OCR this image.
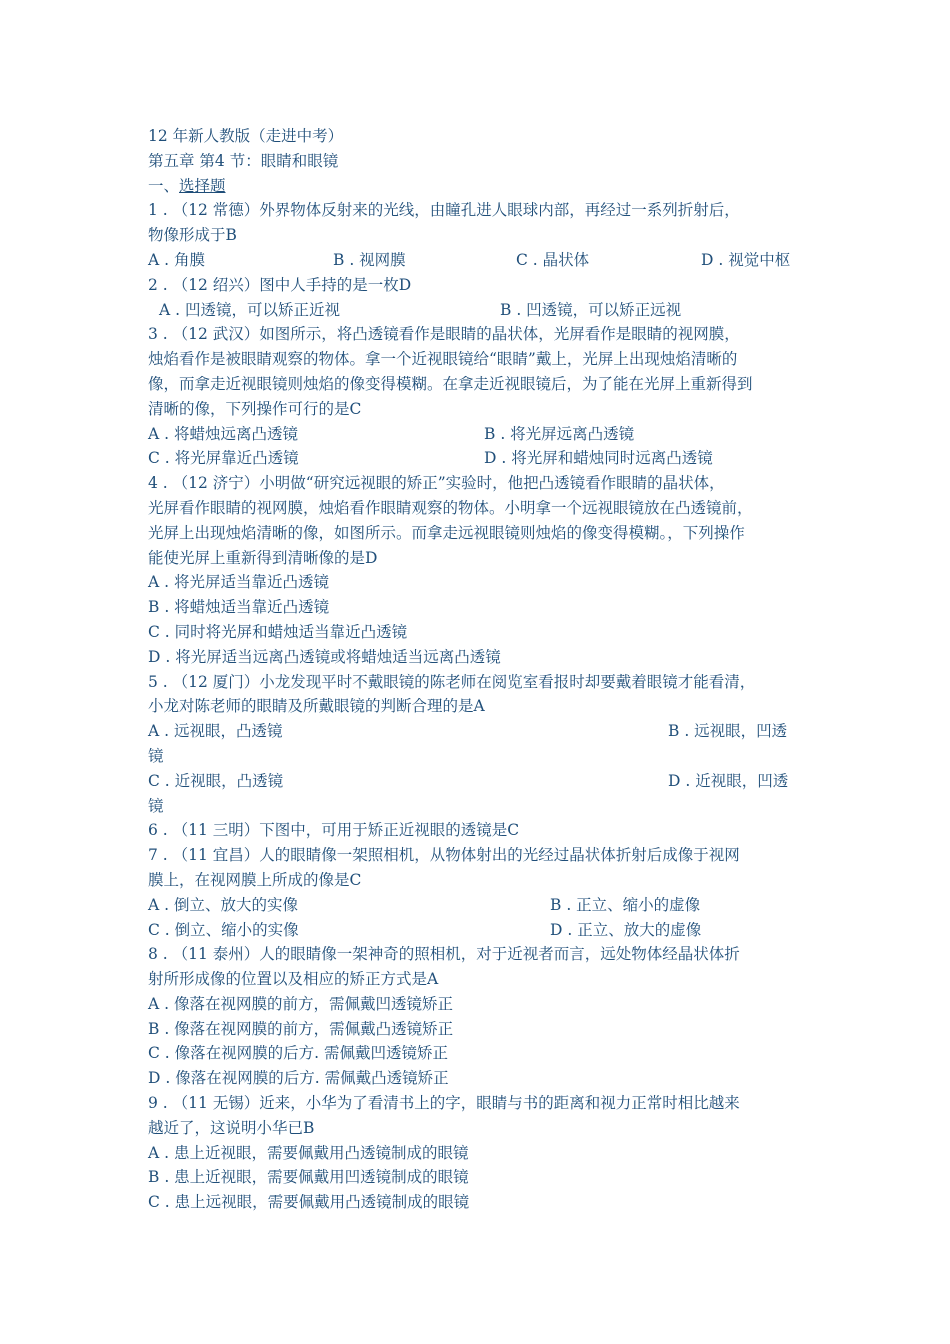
12 年新人教版（走进中考）
第五章 第4 节：眼睛和眼镜
一、选择题
1 . （12 常德）外界物体反射来的光线，由瞳孔进人眼球内部，再经过一系列折射后，
物像形成于B
A . 角膜	B . 视网膜	C . 晶状体	D . 视觉中枢
2 . （12 绍兴）图中人手持的是一枚D
A . 凹透镜，可以矫正近视	B . 凹透镜，可以矫正远视
3 . （12 武汉）如图所示，将凸透镜看作是眼睛的晶状体，光屏看作是眼睛的视网膜，
烛焰看作是被眼睛观察的物体。拿一个近视眼镜给“眼睛”戴上，光屏上出现烛焰清晰的
像，而拿走近视眼镜则烛焰的像变得模糊。在拿走近视眼镜后，为了能在光屏上重新得到
清晰的像，下列操作可行的是C
A . 将蜡烛远离凸透镜	B . 将光屏远离凸透镜
C . 将光屏靠近凸透镜	D . 将光屏和蜡烛同时远离凸透镜
4 . （12 济宁）小明做“研究远视眼的矫正”实验时，他把凸透镜看作眼睛的晶状体，
光屏看作眼睛的视网膜，烛焰看作眼睛观察的物体。小明拿一个远视眼镜放在凸透镜前，
光屏上出现烛焰清晰的像，如图所示。而拿走远视眼镜则烛焰的像变得模糊。，下列操作
能使光屏上重新得到清晰像的是D
A . 将光屏适当靠近凸透镜
B . 将蜡烛适当靠近凸透镜
C . 同时将光屏和蜡烛适当靠近凸透镜
D . 将光屏适当远离凸透镜或将蜡烛适当远离凸透镜
5 . （12 厦门）小龙发现平时不戴眼镜的陈老师在阅览室看报时却要戴着眼镜才能看清，
小龙对陈老师的眼睛及所戴眼镜的判断合理的是A
A . 远视眼，凸透镜	B . 远视眼，凹透
镜
C . 近视眼，凸透镜	D . 近视眼，凹透
镜
6 . （11 三明）下图中，可用于矫正近视眼的透镜是C
7 . （11 宜昌）人的眼睛像一架照相机，从物体射出的光经过晶状体折射后成像于视网
膜上，在视网膜上所成的像是C
A . 倒立、放大的实像	B . 正立、缩小的虚像
C . 倒立、缩小的实像	D . 正立、放大的虚像
8 . （11 泰州）人的眼睛像一架神奇的照相机，对于近视者而言，远处物体经晶状体折
射所形成像的位置以及相应的矫正方式是A
A . 像落在视网膜的前方，需佩戴凹透镜矫正
B . 像落在视网膜的前方，需佩戴凸透镜矫正
C . 像落在视网膜的后方. 需佩戴凹透镜矫正
D . 像落在视网膜的后方. 需佩戴凸透镜矫正
9 . （11 无锡）近来，小华为了看清书上的字，眼睛与书的距离和视力正常时相比越来
越近了，这说明小华已B
A . 患上近视眼，需要佩戴用凸透镜制成的眼镜
B . 患上近视眼，需要佩戴用凹透镜制成的眼镜
C . 患上远视眼，需要佩戴用凸透镜制成的眼镜
